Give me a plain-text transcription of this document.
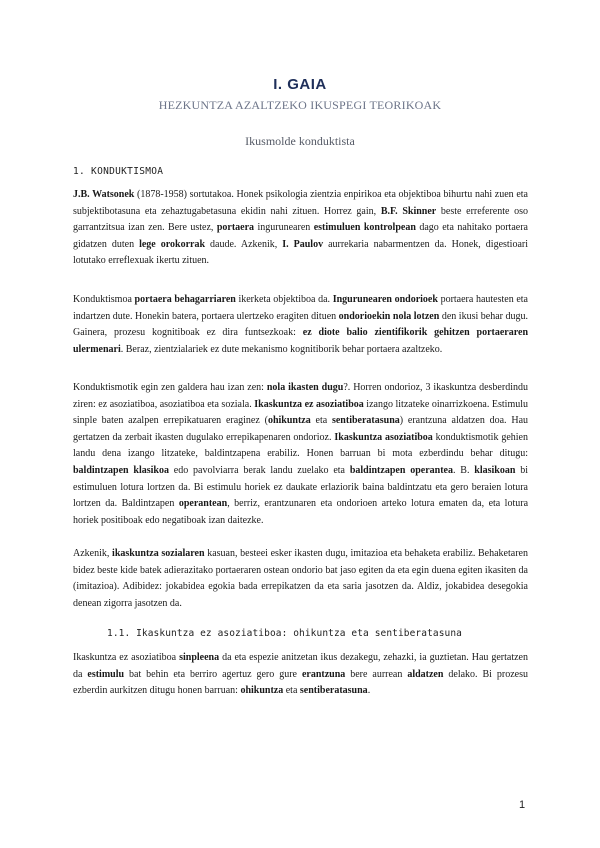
I. GAIA
HEZKUNTZA AZALTZEKO IKUSPEGI TEORIKOAK
Ikusmolde konduktista
1. KONDUKTISMOA
J.B. Watsonek (1878-1958) sortutakoa. Honek psikologia zientzia enpirikoa eta objektiboa bihurtu nahi zuen eta subjektibotasuna eta zehaztugabetasuna ekidin nahi zituen. Horrez gain, B.F. Skinner beste erreferente oso garrantzitsua izan zen. Bere ustez, portaera ingurunearen estimuluen kontrolpean dago eta nahitako portaera gidatzen duten lege orokorrak daude. Azkenik, I. Paulov aurrekaria nabarmentzen da. Honek, digestioari lotutako erreflexuak ikertu zituen.
Konduktismoa portaera behagarriaren ikerketa objektiboa da. Ingurunearen ondorioek portaera hautesten eta indartzen dute. Honekin batera, portaera ulertzeko eragiten dituen ondorioekin nola lotzen den ikusi behar dugu. Gainera, prozesu kognitiboak ez dira funtsezkoak: ez diote balio zientifikorik gehitzen portaeraren ulermenari. Beraz, zientzialariek ez dute mekanismo kognitiborik behar portaera azaltzeko.
Konduktismotik egin zen galdera hau izan zen: nola ikasten dugu?. Horren ondorioz, 3 ikaskuntza desberdindu ziren: ez asoziatiboa, asoziatiboa eta soziala. Ikaskuntza ez asoziatiboa izango litzateke oinarrizkoena. Estimulu sinple baten azalpen errepikatuaren eraginez (ohikuntza eta sentiberatasuna) erantzuna aldatzen doa. Hau gertatzen da zerbait ikasten dugulako errepikapenaren ondorioz. Ikaskuntza asoziatiboa konduktismotik gehien landu dena izango litzateke, baldintzapena erabiliz. Honen barruan bi mota ezberdindu behar ditugu: baldintzapen klasikoa edo pavolviarra berak landu zuelako eta baldintzapen operantea. B. klasikoan bi estimuluen lotura lortzen da. Bi estimulu horiek ez daukate erlaziorik baina baldintzatu eta gero beraien lotura lortzen da. Baldintzapen operantean, berriz, erantzunaren eta ondorioen arteko lotura ematen da, eta lotura horiek positiboak edo negatiboak izan daitezke.
Azkenik, ikaskuntza sozialaren kasuan, besteei esker ikasten dugu, imitazioa eta behaketa erabiliz. Behaketaren bidez beste kide batek adierazitako portaeraren ostean ondorio bat jaso egiten da eta egin duena egiten ikasiten da (imitazioa). Adibidez: jokabidea egokia bada errepikatzen da eta saria jasotzen da. Aldiz, jokabidea desegokia denean zigorra jasotzen da.
1.1. Ikaskuntza ez asoziatiboa: ohikuntza eta sentiberatasuna
Ikaskuntza ez asoziatiboa sinpleena da eta espezie anitzetan ikus dezakegu, zehazki, ia guztietan. Hau gertatzen da estimulu bat behin eta berriro agertuz gero gure erantzuna bere aurrean aldatzen delako. Bi prozesu ezberdin aurkitzen ditugu honen barruan: ohikuntza eta sentiberatasuna.
1
